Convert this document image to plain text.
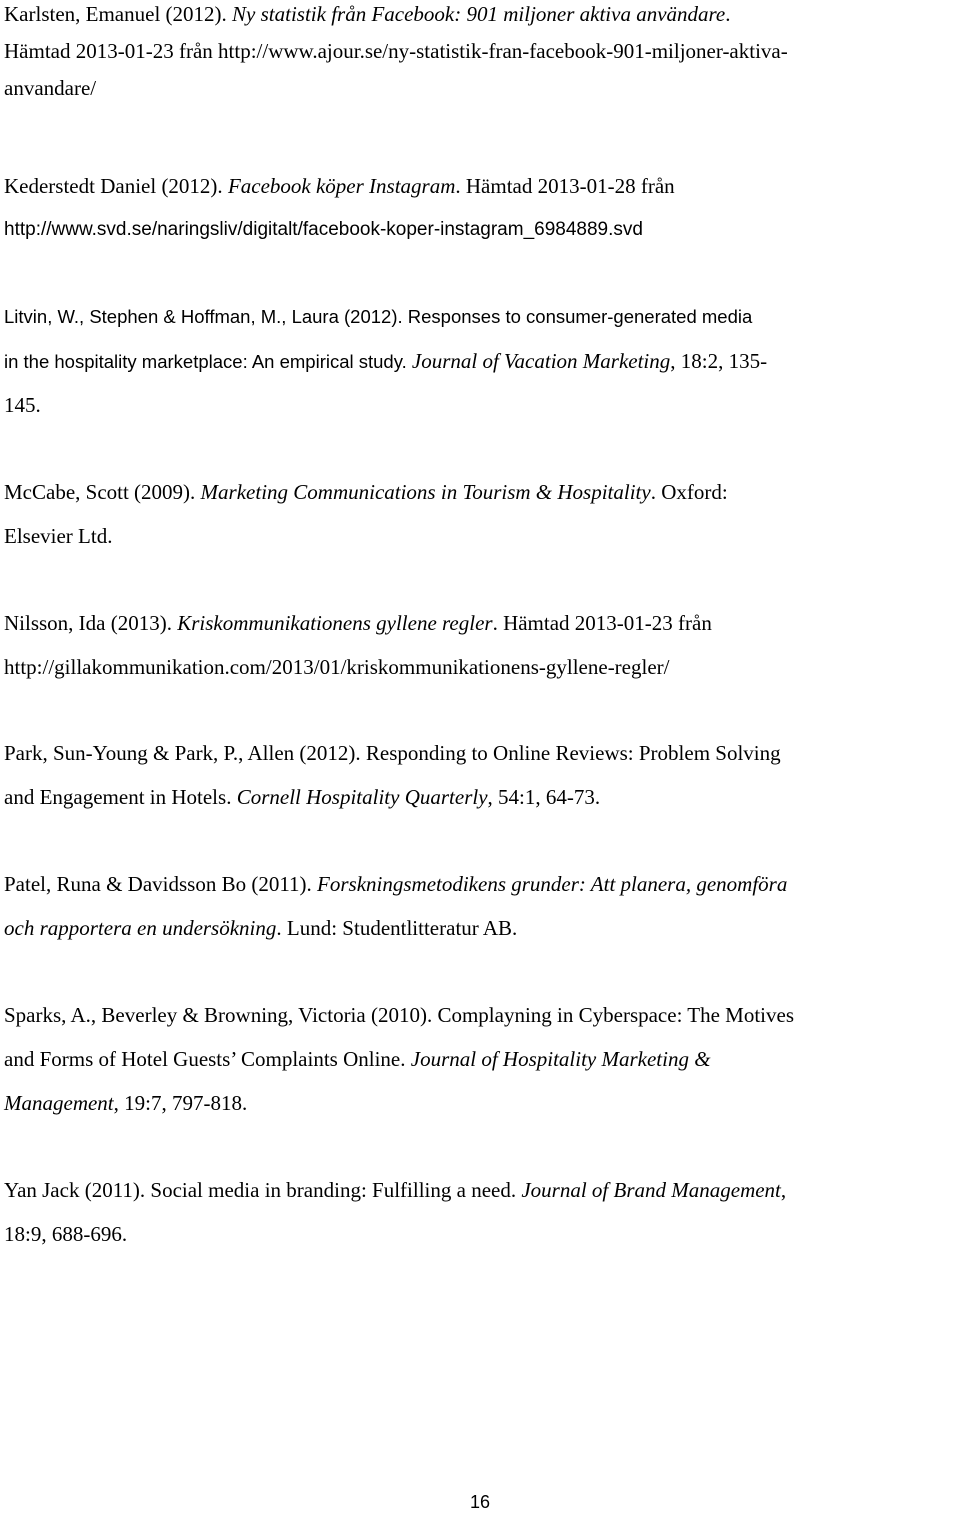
Karlsten, Emanuel (2012). Ny statistik från Facebook: 901 miljoner aktiva användare.
Hämtad 2013-01-23 från http://www.ajour.se/ny-statistik-fran-facebook-901-miljoner-aktiva-
anvandare/
Kederstedt Daniel (2012). Facebook köper Instagram. Hämtad 2013-01-28 från
http://www.svd.se/naringsliv/digitalt/facebook-koper-instagram_6984889.svd
Litvin, W., Stephen & Hoffman, M., Laura (2012). Responses to consumer-generated media
in the hospitality marketplace: An empirical study. Journal of Vacation Marketing, 18:2, 135-
145.
McCabe, Scott (2009). Marketing Communications in Tourism & Hospitality. Oxford:
Elsevier Ltd.
Nilsson, Ida (2013). Kriskommunikationens gyllene regler. Hämtad 2013-01-23 från
http://gillakommunikation.com/2013/01/kriskommunikationens-gyllene-regler/
Park, Sun-Young & Park, P., Allen (2012). Responding to Online Reviews: Problem Solving
and Engagement in Hotels. Cornell Hospitality Quarterly, 54:1, 64-73.
Patel, Runa & Davidsson Bo (2011). Forskningsmetodikens grunder: Att planera, genomföra
och rapportera en undersökning. Lund: Studentlitteratur AB.
Sparks, A., Beverley & Browning, Victoria (2010). Complayning in Cyberspace: The Motives
and Forms of Hotel Guests’ Complaints Online. Journal of Hospitality Marketing &
Management, 19:7, 797-818.
Yan Jack (2011). Social media in branding: Fulfilling a need. Journal of Brand Management,
18:9, 688-696.
16
